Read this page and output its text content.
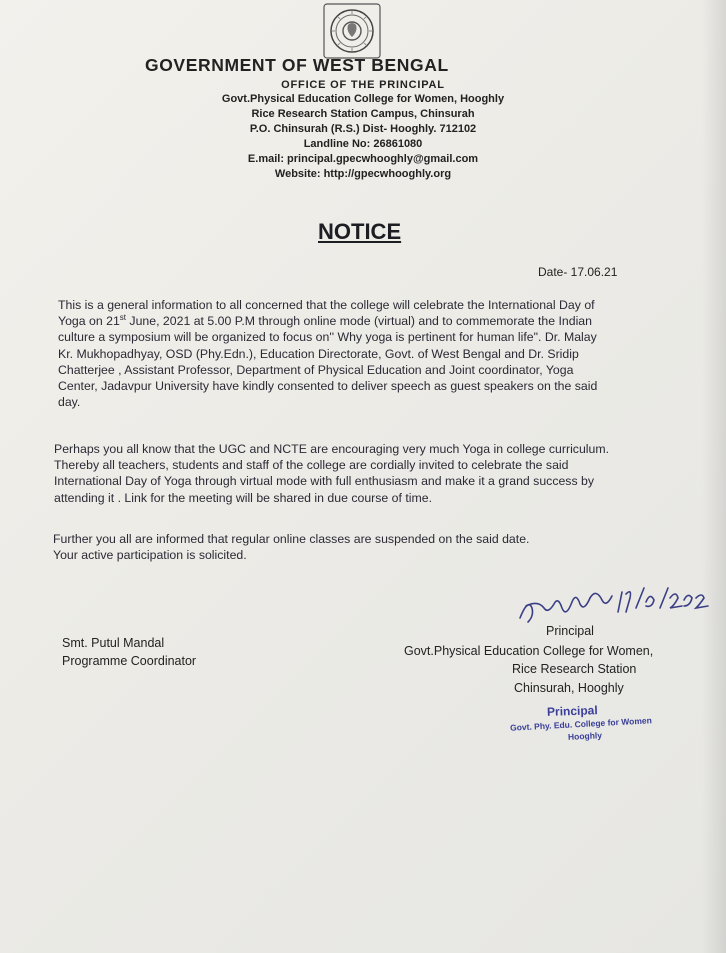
GOVERNMENT OF WEST BENGAL
OFFICE OF THE PRINCIPAL
Govt.Physical Education College for Women, Hooghly
Rice Research Station Campus, Chinsurah
P.O. Chinsurah (R.S.) Dist- Hooghly. 712102
Landline No: 26861080
E.mail: principal.gpecwhooghly@gmail.com
Website: http://gpecwhooghly.org
NOTICE
Date- 17.06.21
This is a general information to all concerned that the college will celebrate the International Day of
Yoga on 21st June, 2021 at 5.00 P.M through online mode (virtual) and to commemorate the Indian
culture a symposium will be organized to focus on'' Why yoga is pertinent for human life". Dr. Malay
Kr. Mukhopadhyay, OSD (Phy.Edn.), Education Directorate, Govt. of West Bengal and Dr. Sridip
Chatterjee , Assistant Professor, Department of Physical Education and Joint coordinator, Yoga
Center, Jadavpur University have kindly consented to deliver speech as guest speakers on the said
day.
Perhaps you all know that the UGC and NCTE are encouraging very much Yoga in college curriculum.
Thereby all teachers, students and staff of the college are cordially invited to celebrate the said
International Day of Yoga through virtual mode with full enthusiasm and make it a grand success by
attending it . Link for the meeting will be shared in due course of time.
Further you all are informed that regular online classes are suspended on the said date.
Your active participation is solicited.
Smt. Putul Mandal
Programme Coordinator
Principal
Govt.Physical Education College for Women,
Rice Research Station
Chinsurah, Hooghly
Principal
Govt. Phy. Edu. College for Women
Hooghly
